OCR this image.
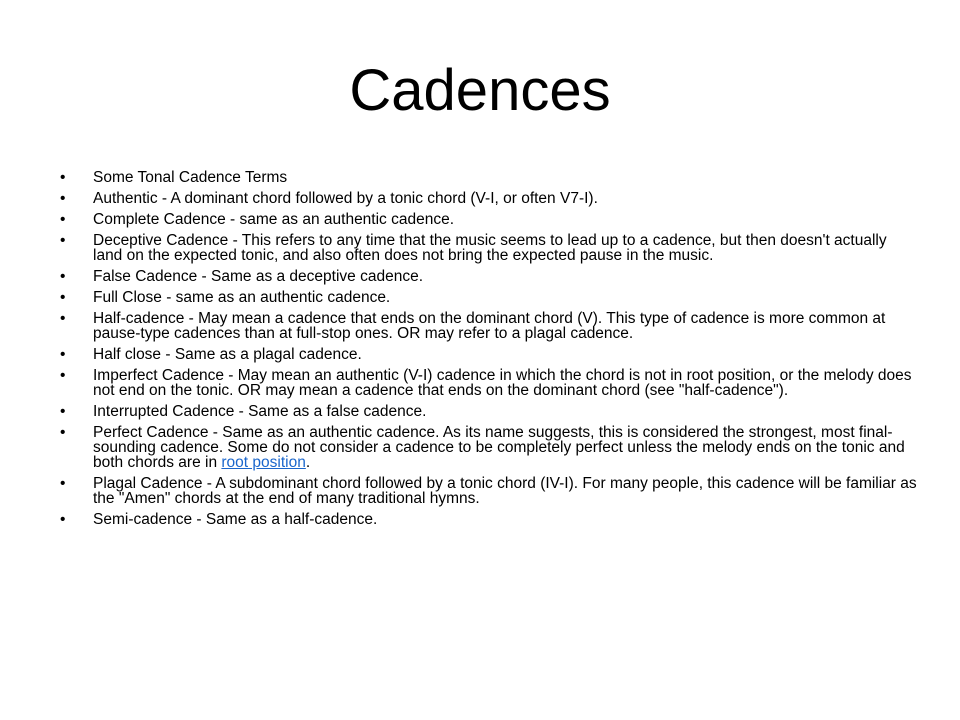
Cadences
•	Some Tonal Cadence Terms
•	Authentic - A dominant chord followed by a tonic chord (V-I, or often V7-I).
•	Complete Cadence - same as an authentic cadence.
•	Deceptive Cadence - This refers to any time that the music seems to lead up to a cadence, but then doesn't actually land on the expected tonic, and also often does not bring the expected pause in the music.
•	False Cadence - Same as a deceptive cadence.
•	Full Close - same as an authentic cadence.
•	Half-cadence - May mean a cadence that ends on the dominant chord (V). This type of cadence is more common at pause-type cadences than at full-stop ones. OR may refer to a plagal cadence.
•	Half close - Same as a plagal cadence.
•	Imperfect Cadence - May mean an authentic (V-I) cadence in which the chord is not in root position, or the melody does not end on the tonic. OR may mean a cadence that ends on the dominant chord (see "half-cadence").
•	Interrupted Cadence - Same as a false cadence.
•	Perfect Cadence - Same as an authentic cadence. As its name suggests, this is considered the strongest, most final-sounding cadence. Some do not consider a cadence to be completely perfect unless the melody ends on the tonic and both chords are in root position.
•	Plagal Cadence - A subdominant chord followed by a tonic chord (IV-I). For many people, this cadence will be familiar as the "Amen" chords at the end of many traditional hymns.
•	Semi-cadence - Same as a half-cadence.
